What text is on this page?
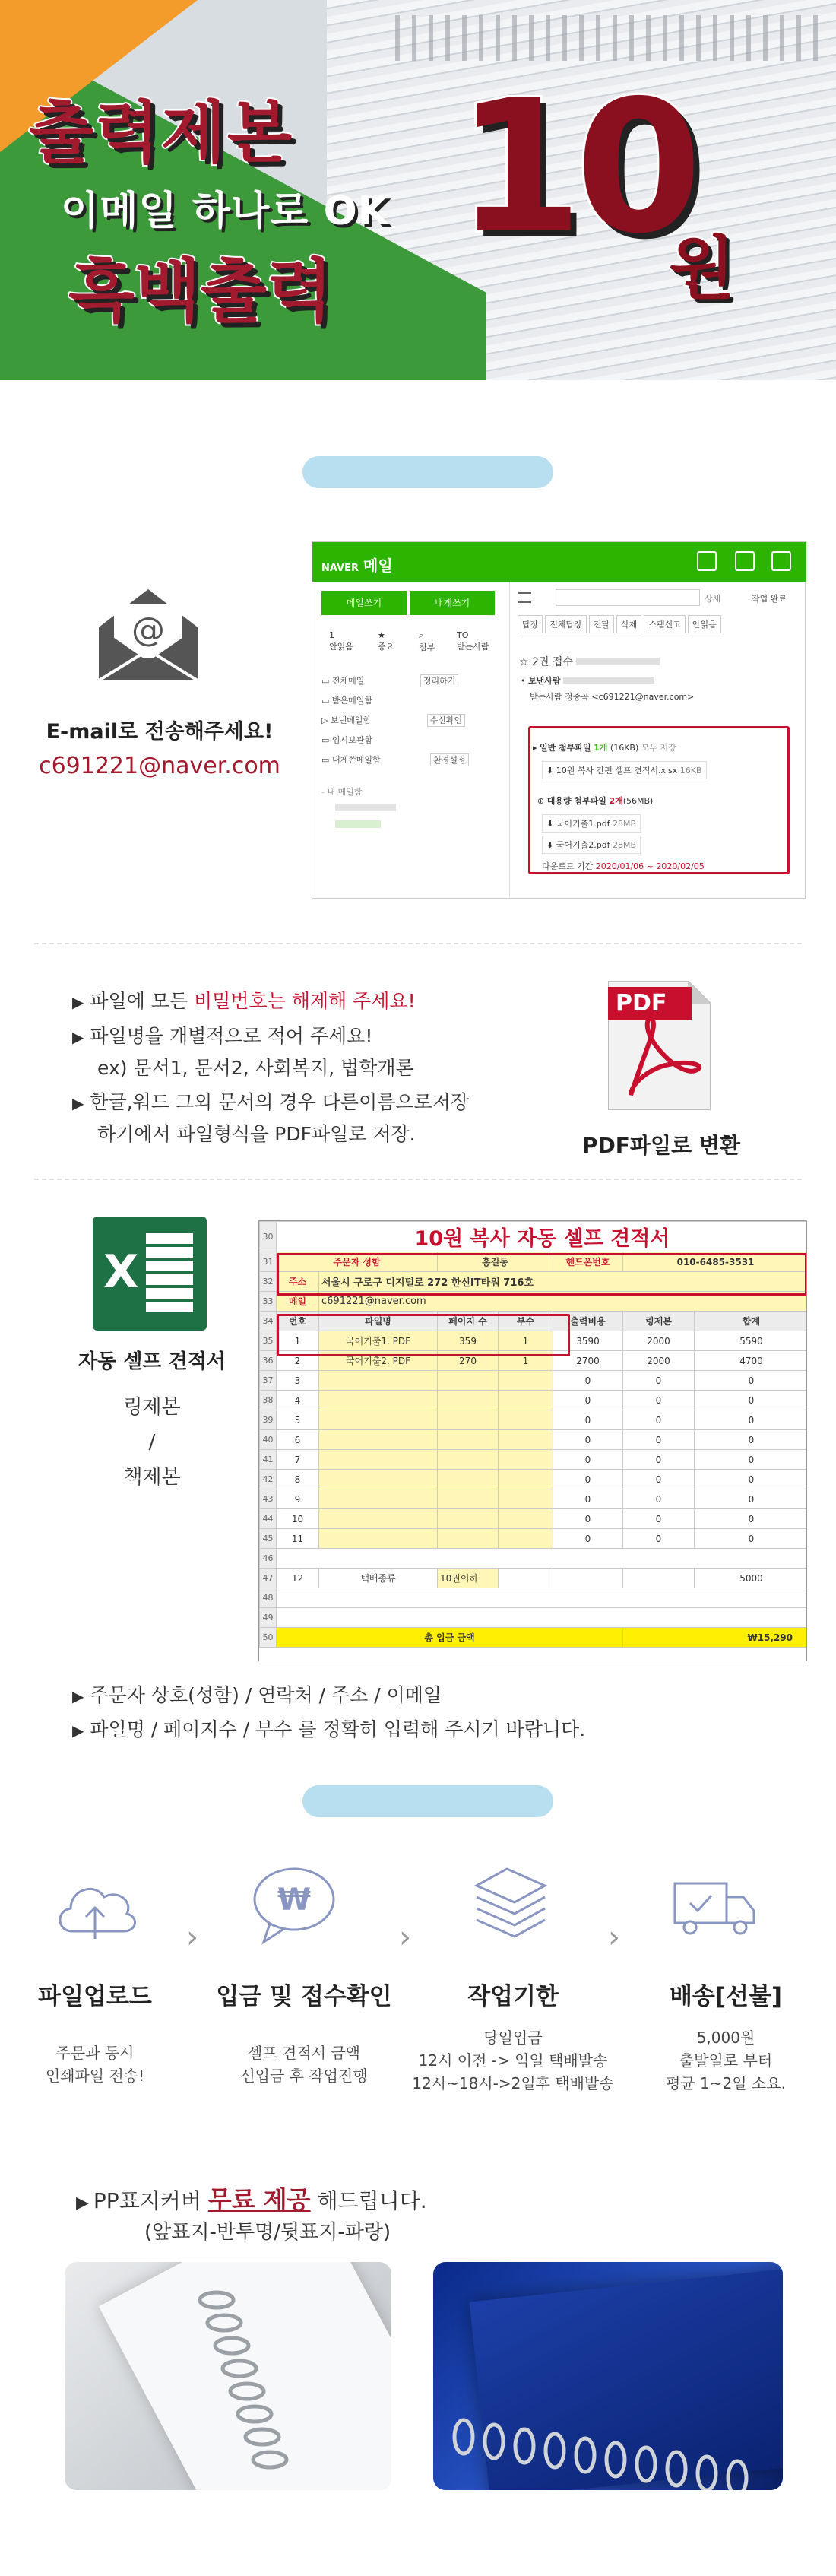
출력제본
이메일 하나로 OK
흑백출력
10
원
@
E-mail로 전송해주세요!
c691221@naver.com
NAVER 메일
메일쓰기	내게쓰기
1
안읽음
★
중요
⌕
첨부
TO
받는사람
▭ 전체메일	정리하기
▭ 받은메일함
▷ 보낸메일함	수신확인
▭ 임시보관함
▭ 내게쓴메일함	환경설정
- 내 메일함
상세	작업 완료
답장 전체답장 전달 삭제 스팸신고 안읽음
☆ 2권 접수
• 보낸사람
받는사람 정중곡 <c691221@naver.com>
▸ 일반 첨부파일 1개 (16KB) 모두 저장
⬇ 10원 복사 간편 셀프 견적서.xlsx 16KB
⊕ 대용량 첨부파일 2개(56MB)
⬇ 국어기출1.pdf 28MB
⬇ 국어기출2.pdf 28MB
다운로드 기간 2020/01/06 ~ 2020/02/05
▶ 파일에 모든 비밀번호는 해제해 주세요!
▶ 파일명을 개별적으로 적어 주세요!
ex) 문서1, 문서2, 사회복지, 법학개론
▶ 한글,워드 그외 문서의 경우 다른이름으로저장
하기에서 파일형식을 PDF파일로 저장.
PDF
PDF파일로 변환
X
자동 셀프 견적서
링제본
/
책제본
30	10원 복사 자동 셀프 견적서						
31	주문자 성함		홍길동		핸드폰번호	010-6485-3531	
32	주소	서울시 구로구 디지털로 272 한신IT타워 716호					
33	메일	c691221@naver.com					
34	번호	파일명	페이지 수	부수	출력비용	링제본	합계
35	1	국어기출1. PDF	359	1	3590	2000	5590
36	2	국어기출2. PDF	270	1	2700	2000	4700
37	3				0	0	0
38	4				0	0	0
39	5				0	0	0
40	6				0	0	0
41	7				0	0	0
42	8				0	0	0
43	9				0	0	0
44	10				0	0	0
45	11				0	0	0
46							
47	12	택배종류	10권이하				5000
48							
49							
50	총 입금 금액					₩15,290	
▶ 주문자 상호(성함) / 연락처 / 주소 / 이메일
▶ 파일명 / 페이지수 / 부수 를 정확히 입력해 주시기 바랍니다.
₩
›	›	›
파일업로드	입금 및 접수확인	작업기한	배송[선불]
주문과 동시
인쇄파일 전송!
셀프 견적서 금액
선입금 후 작업진행
당일입금
12시 이전 -> 익일 택배발송
12시~18시->2일후 택배발송
5,000원
출발일로 부터
평균 1~2일 소요.
▶ PP표지커버 무료 제공 해드립니다.
(앞표지-반투명/뒷표지-파랑)
